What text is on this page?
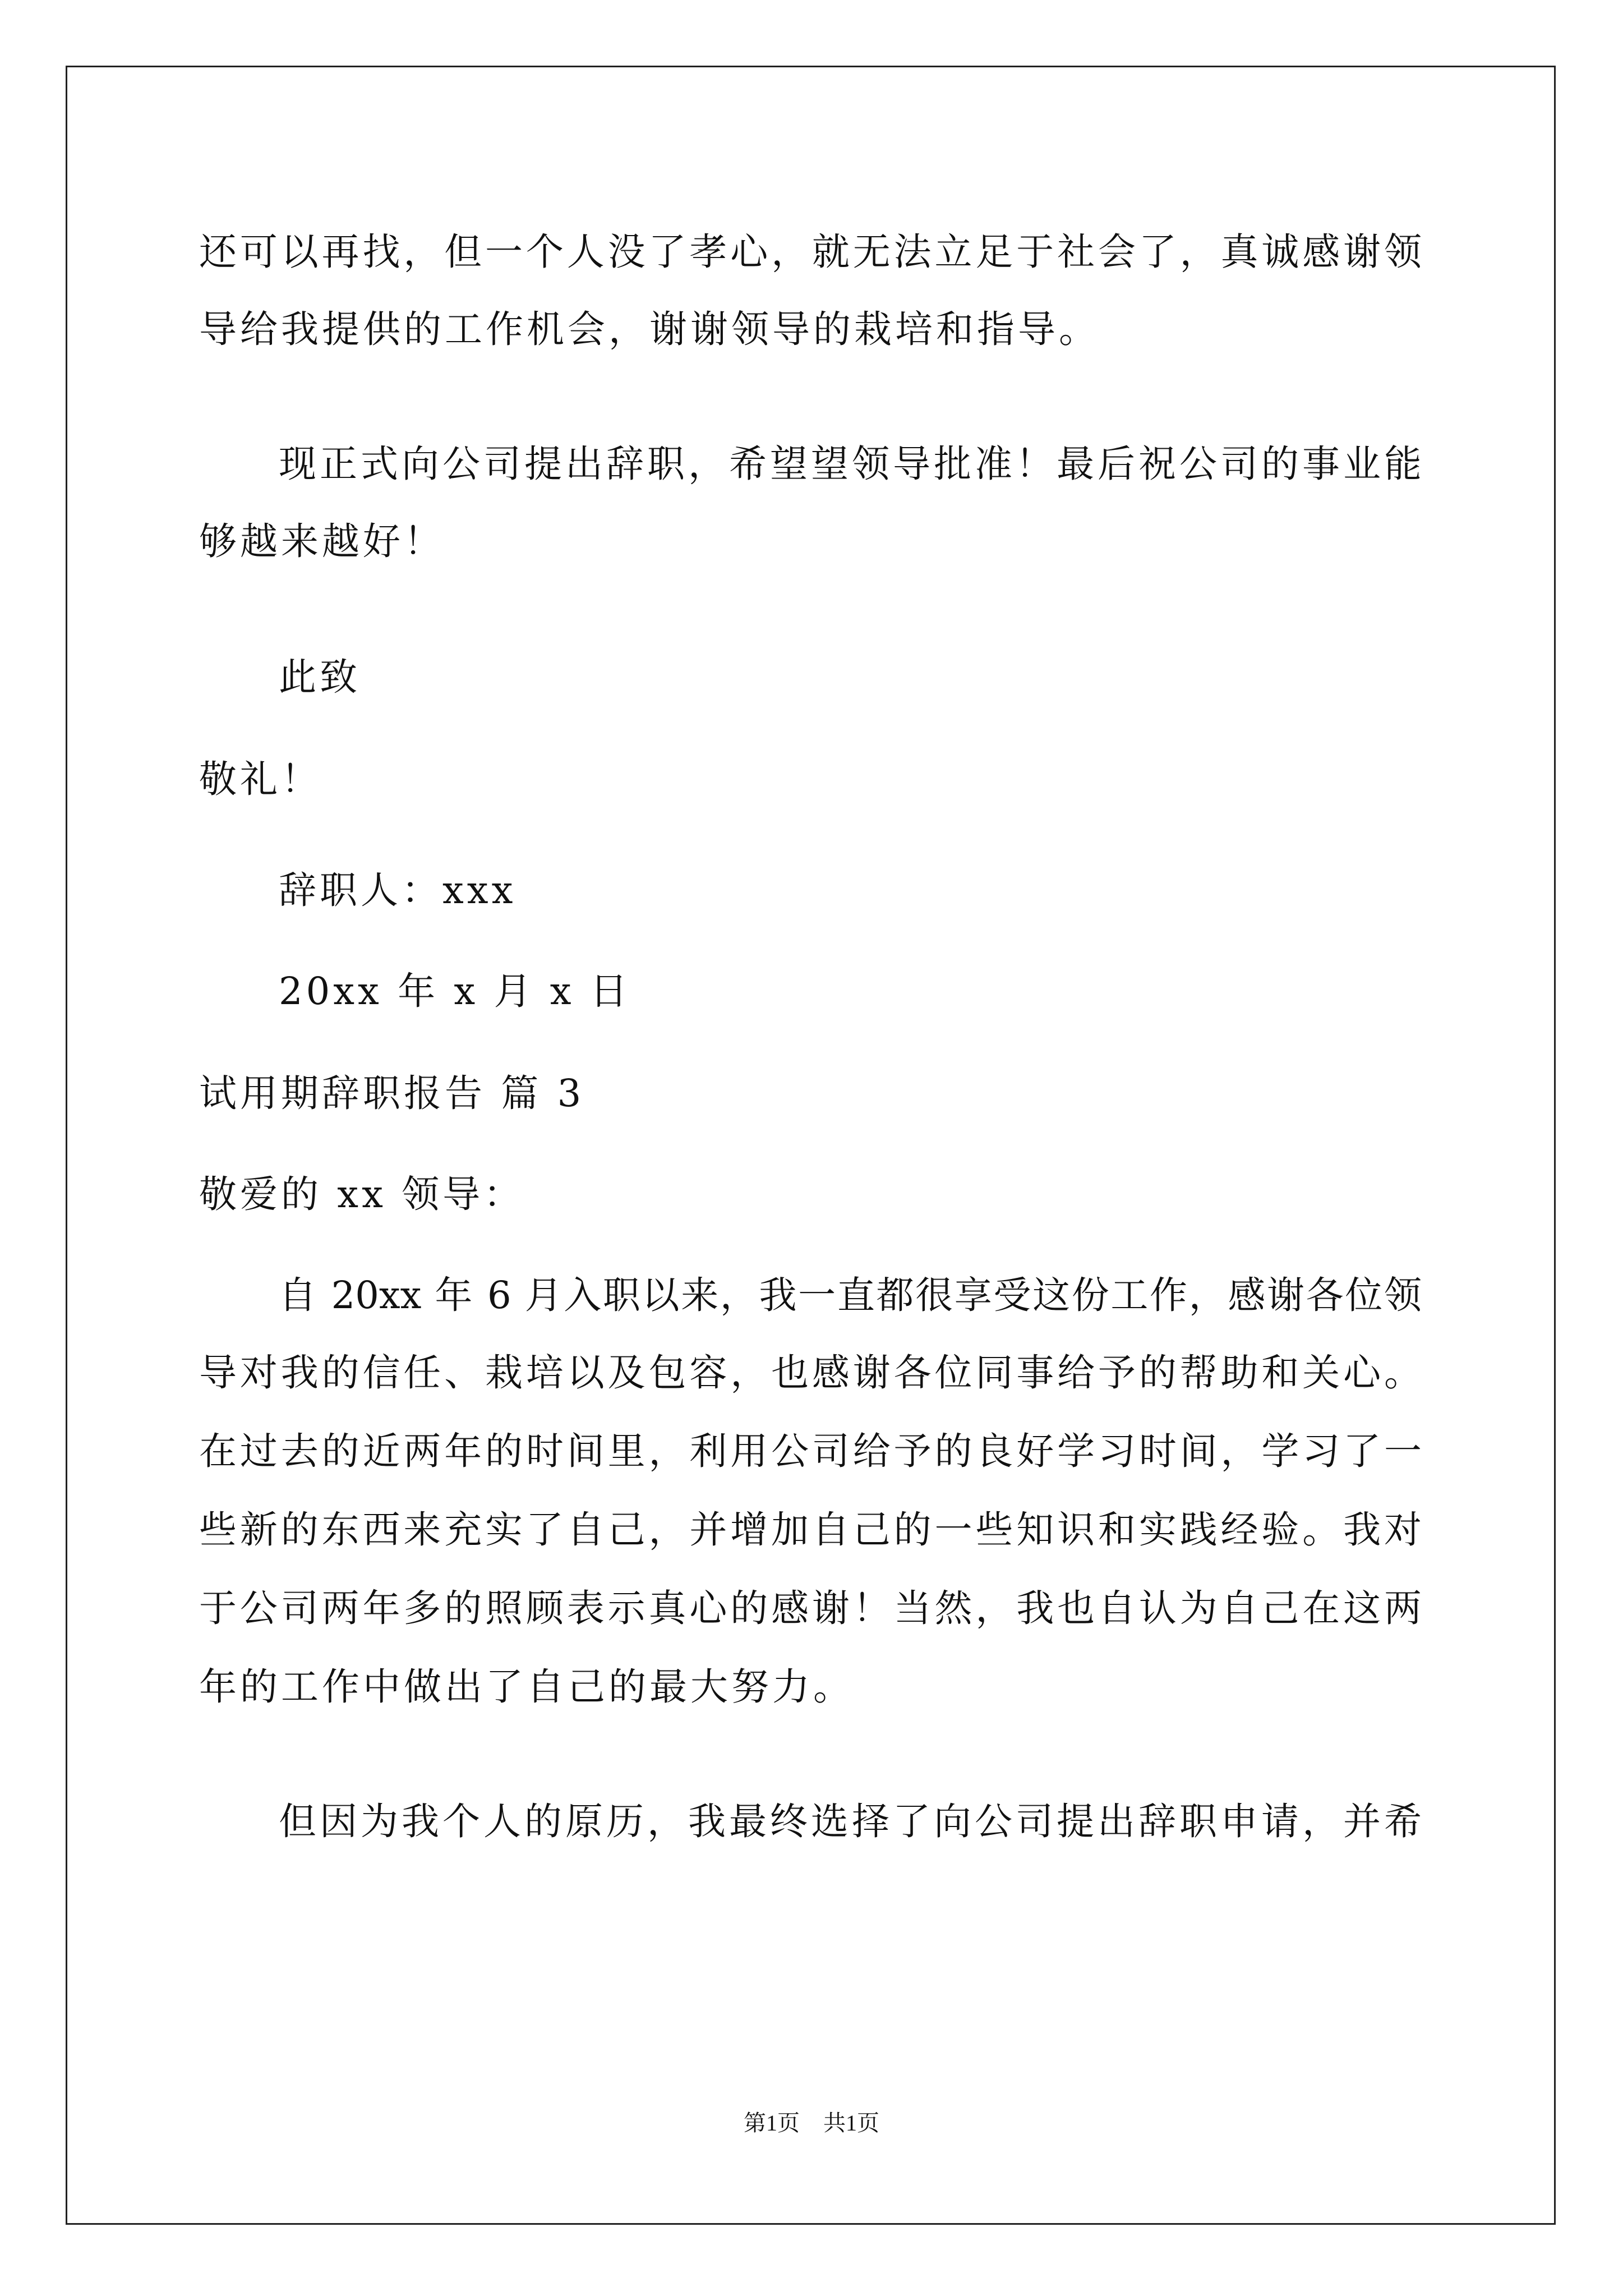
还可以再找，但一个人没了孝心，就无法立足于社会了，真诚感谢领
导给我提供的工作机会，谢谢领导的栽培和指导。
现正式向公司提出辞职，希望望领导批准！最后祝公司的事业能
够越来越好！
此致
敬礼！
辞职人：xxx
20xx 年 x 月 x 日
试用期辞职报告 篇 3
敬爱的 xx 领导：
自 20xx 年 6 月入职以来，我一直都很享受这份工作，感谢各位领
导对我的信任、栽培以及包容，也感谢各位同事给予的帮助和关心。
在过去的近两年的时间里，利用公司给予的良好学习时间，学习了一
些新的东西来充实了自己，并增加自己的一些知识和实践经验。我对
于公司两年多的照顾表示真心的感谢！当然，我也自认为自己在这两
年的工作中做出了自己的最大努力。
但因为我个人的原历，我最终选择了向公司提出辞职申请，并希
第1页 共1页
